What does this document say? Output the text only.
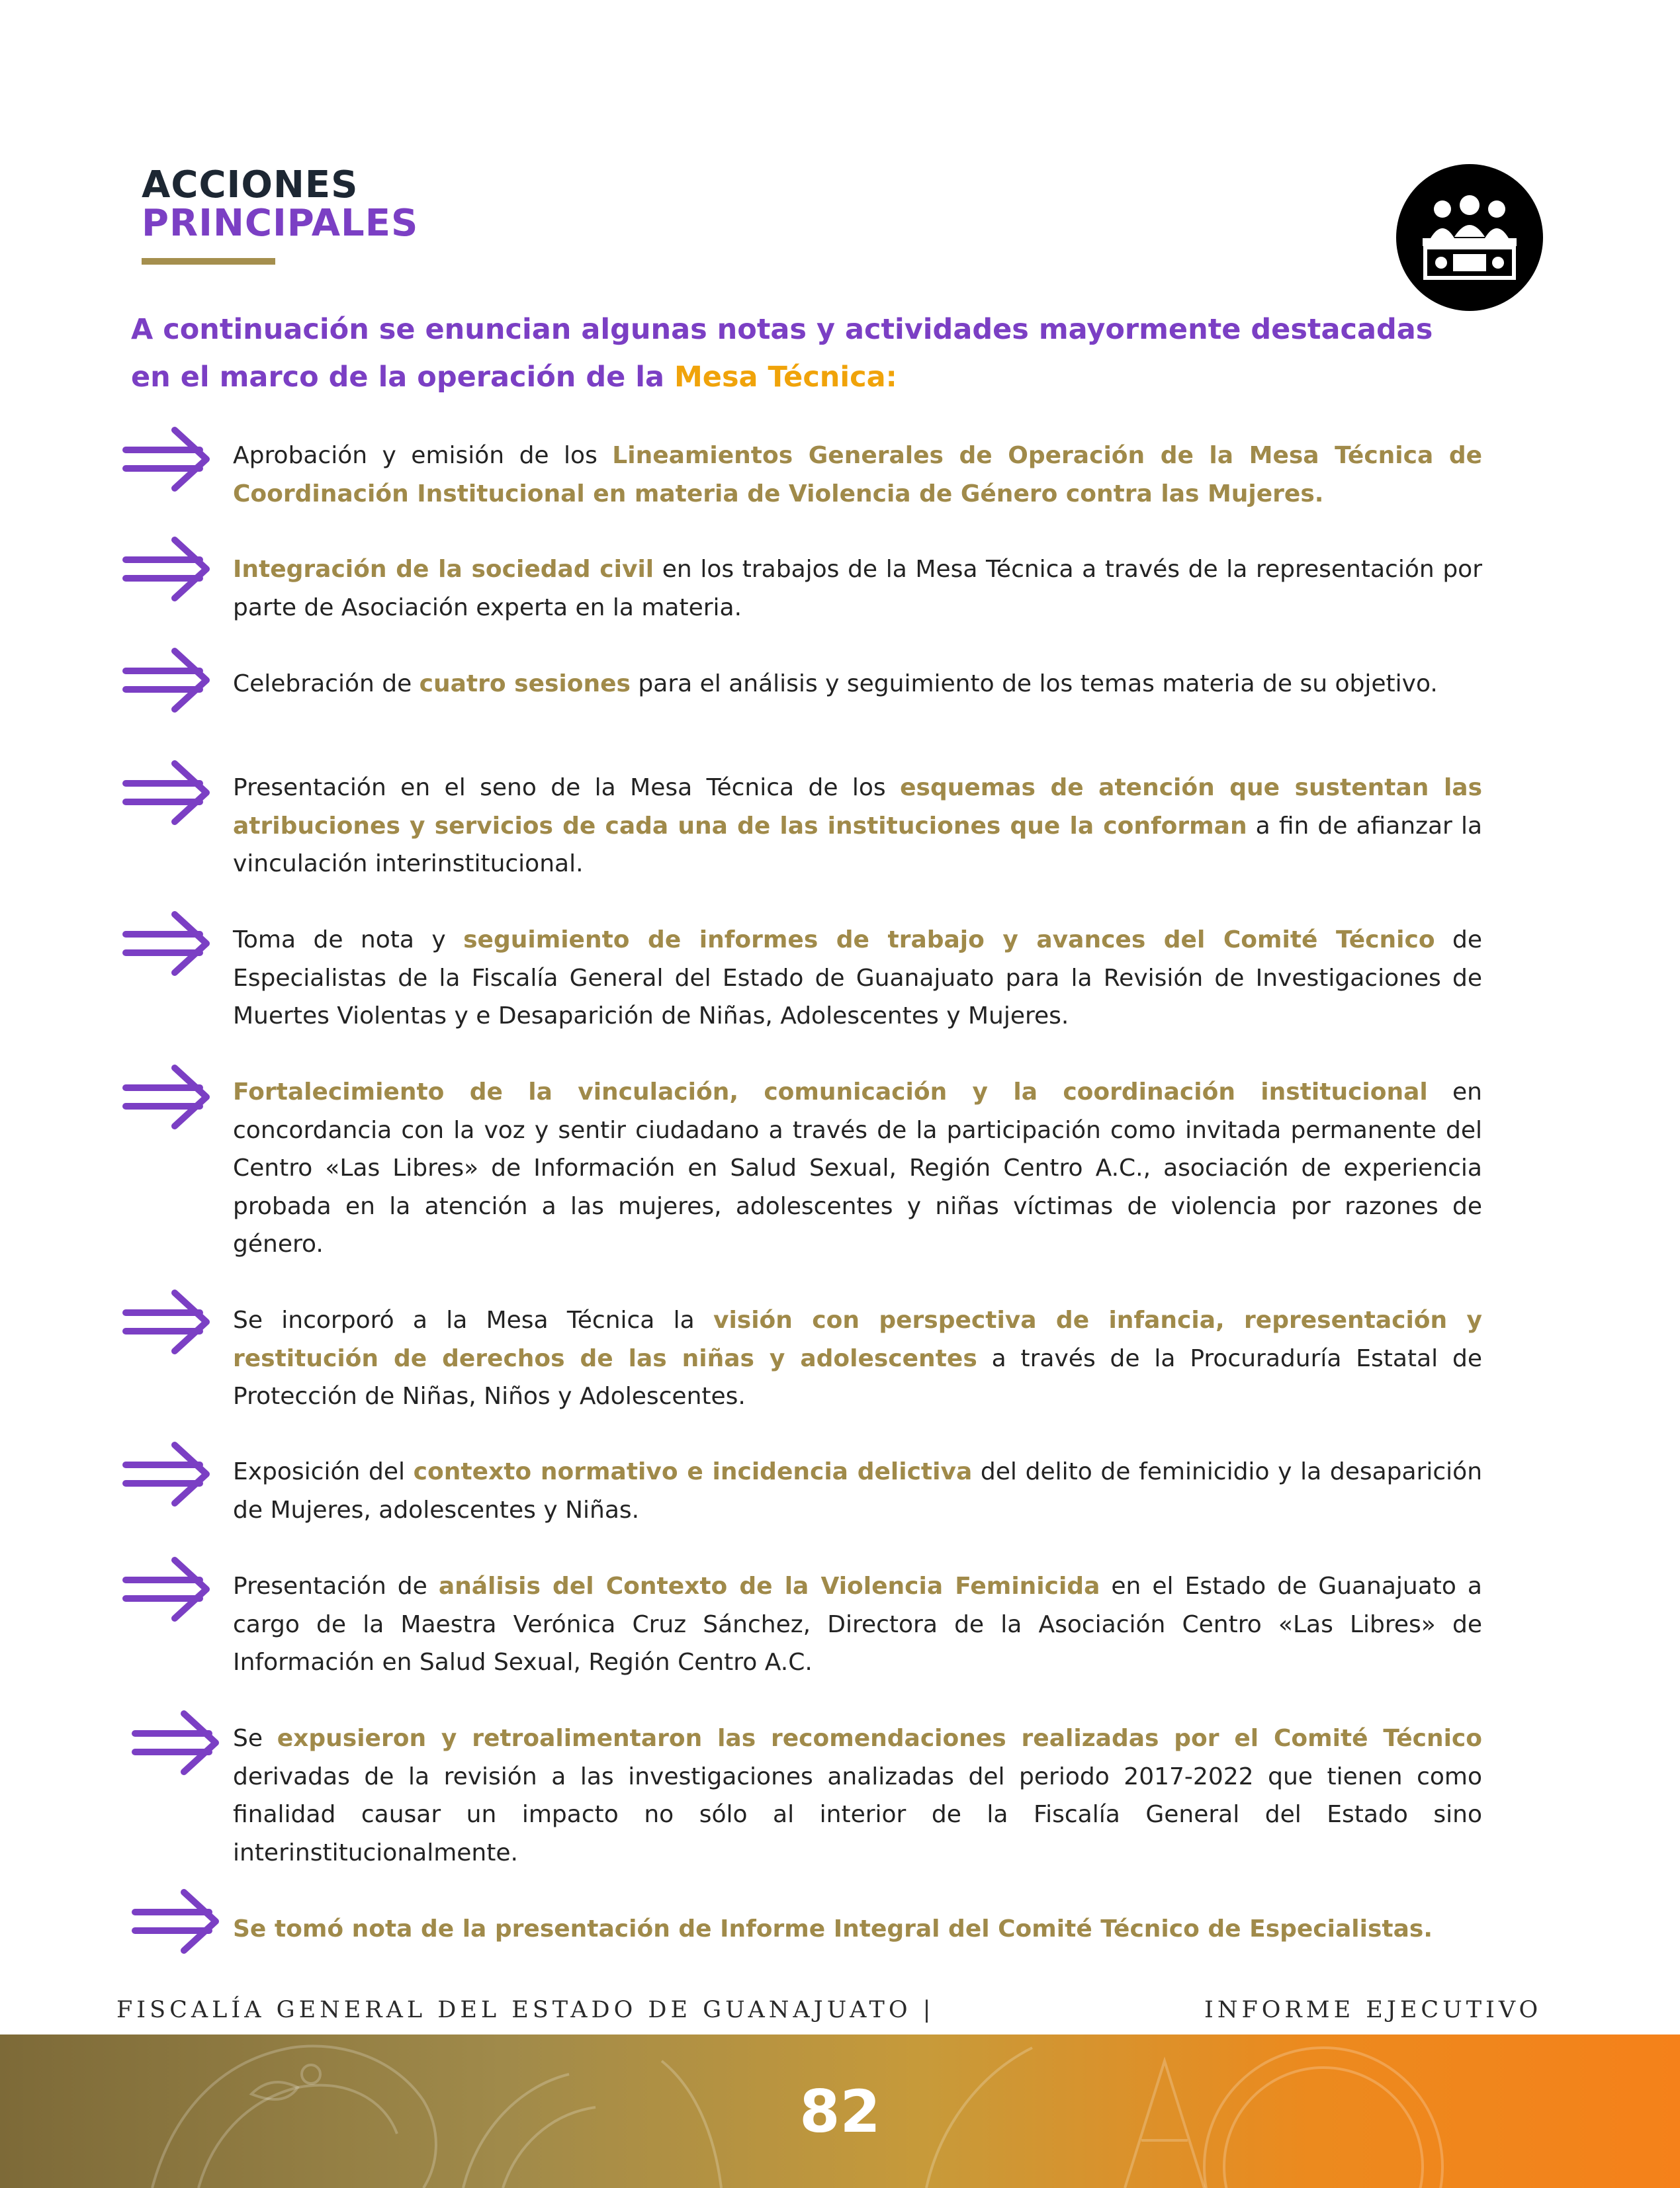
ACCIONES
PRINCIPALES
A continuación se enuncian algunas notas y actividades mayormente destacadas en el marco de la operación de la Mesa Técnica:
Aprobación y emisión de los Lineamientos Generales de Operación de la Mesa Técnica de Coordinación Institucional en materia de Violencia de Género contra las Mujeres.
Integración de la sociedad civil en los trabajos de la Mesa Técnica a través de la representación por parte de Asociación experta en la materia.
Celebración de cuatro sesiones para el análisis y seguimiento de los temas materia de su objetivo.
Presentación en el seno de la Mesa Técnica de los esquemas de atención que sustentan las atribuciones y servicios de cada una de las instituciones que la conforman a fin de afianzar la vinculación interinstitucional.
Toma de nota y seguimiento de informes de trabajo y avances del Comité Técnico de Especialistas de la Fiscalía General del Estado de Guanajuato para la Revisión de Investigaciones de Muertes Violentas y e Desaparición de Niñas, Adolescentes y Mujeres.
Fortalecimiento de la vinculación, comunicación y la coordinación institucional en concordancia con la voz y sentir ciudadano a través de la participación como invitada permanente del Centro «Las Libres» de Información en Salud Sexual, Región Centro A.C., asociación de experiencia probada en la atención a las mujeres, adolescentes y niñas víctimas de violencia por razones de género.
Se incorporó a la Mesa Técnica la visión con perspectiva de infancia, representación y restitución de derechos de las niñas y adolescentes a través de la Procuraduría Estatal de Protección de Niñas, Niños y Adolescentes.
Exposición del contexto normativo e incidencia delictiva del delito de feminicidio y la desaparición de Mujeres, adolescentes y Niñas.
Presentación de análisis del Contexto de la Violencia Feminicida en el Estado de Guanajuato a cargo de la Maestra Verónica Cruz Sánchez, Directora de la Asociación Centro «Las Libres» de Información en Salud Sexual, Región Centro A.C.
Se expusieron y retroalimentaron las recomendaciones realizadas por el Comité Técnico derivadas de la revisión a las investigaciones analizadas del periodo 2017-2022 que tienen como finalidad causar un impacto no sólo al interior de la Fiscalía General del Estado sino interinstitucionalmente.
Se tomó nota de la presentación de Informe Integral del Comité Técnico de Especialistas.
FISCALÍA GENERAL DEL ESTADO DE GUANAJUATO |	INFORME EJECUTIVO
82
